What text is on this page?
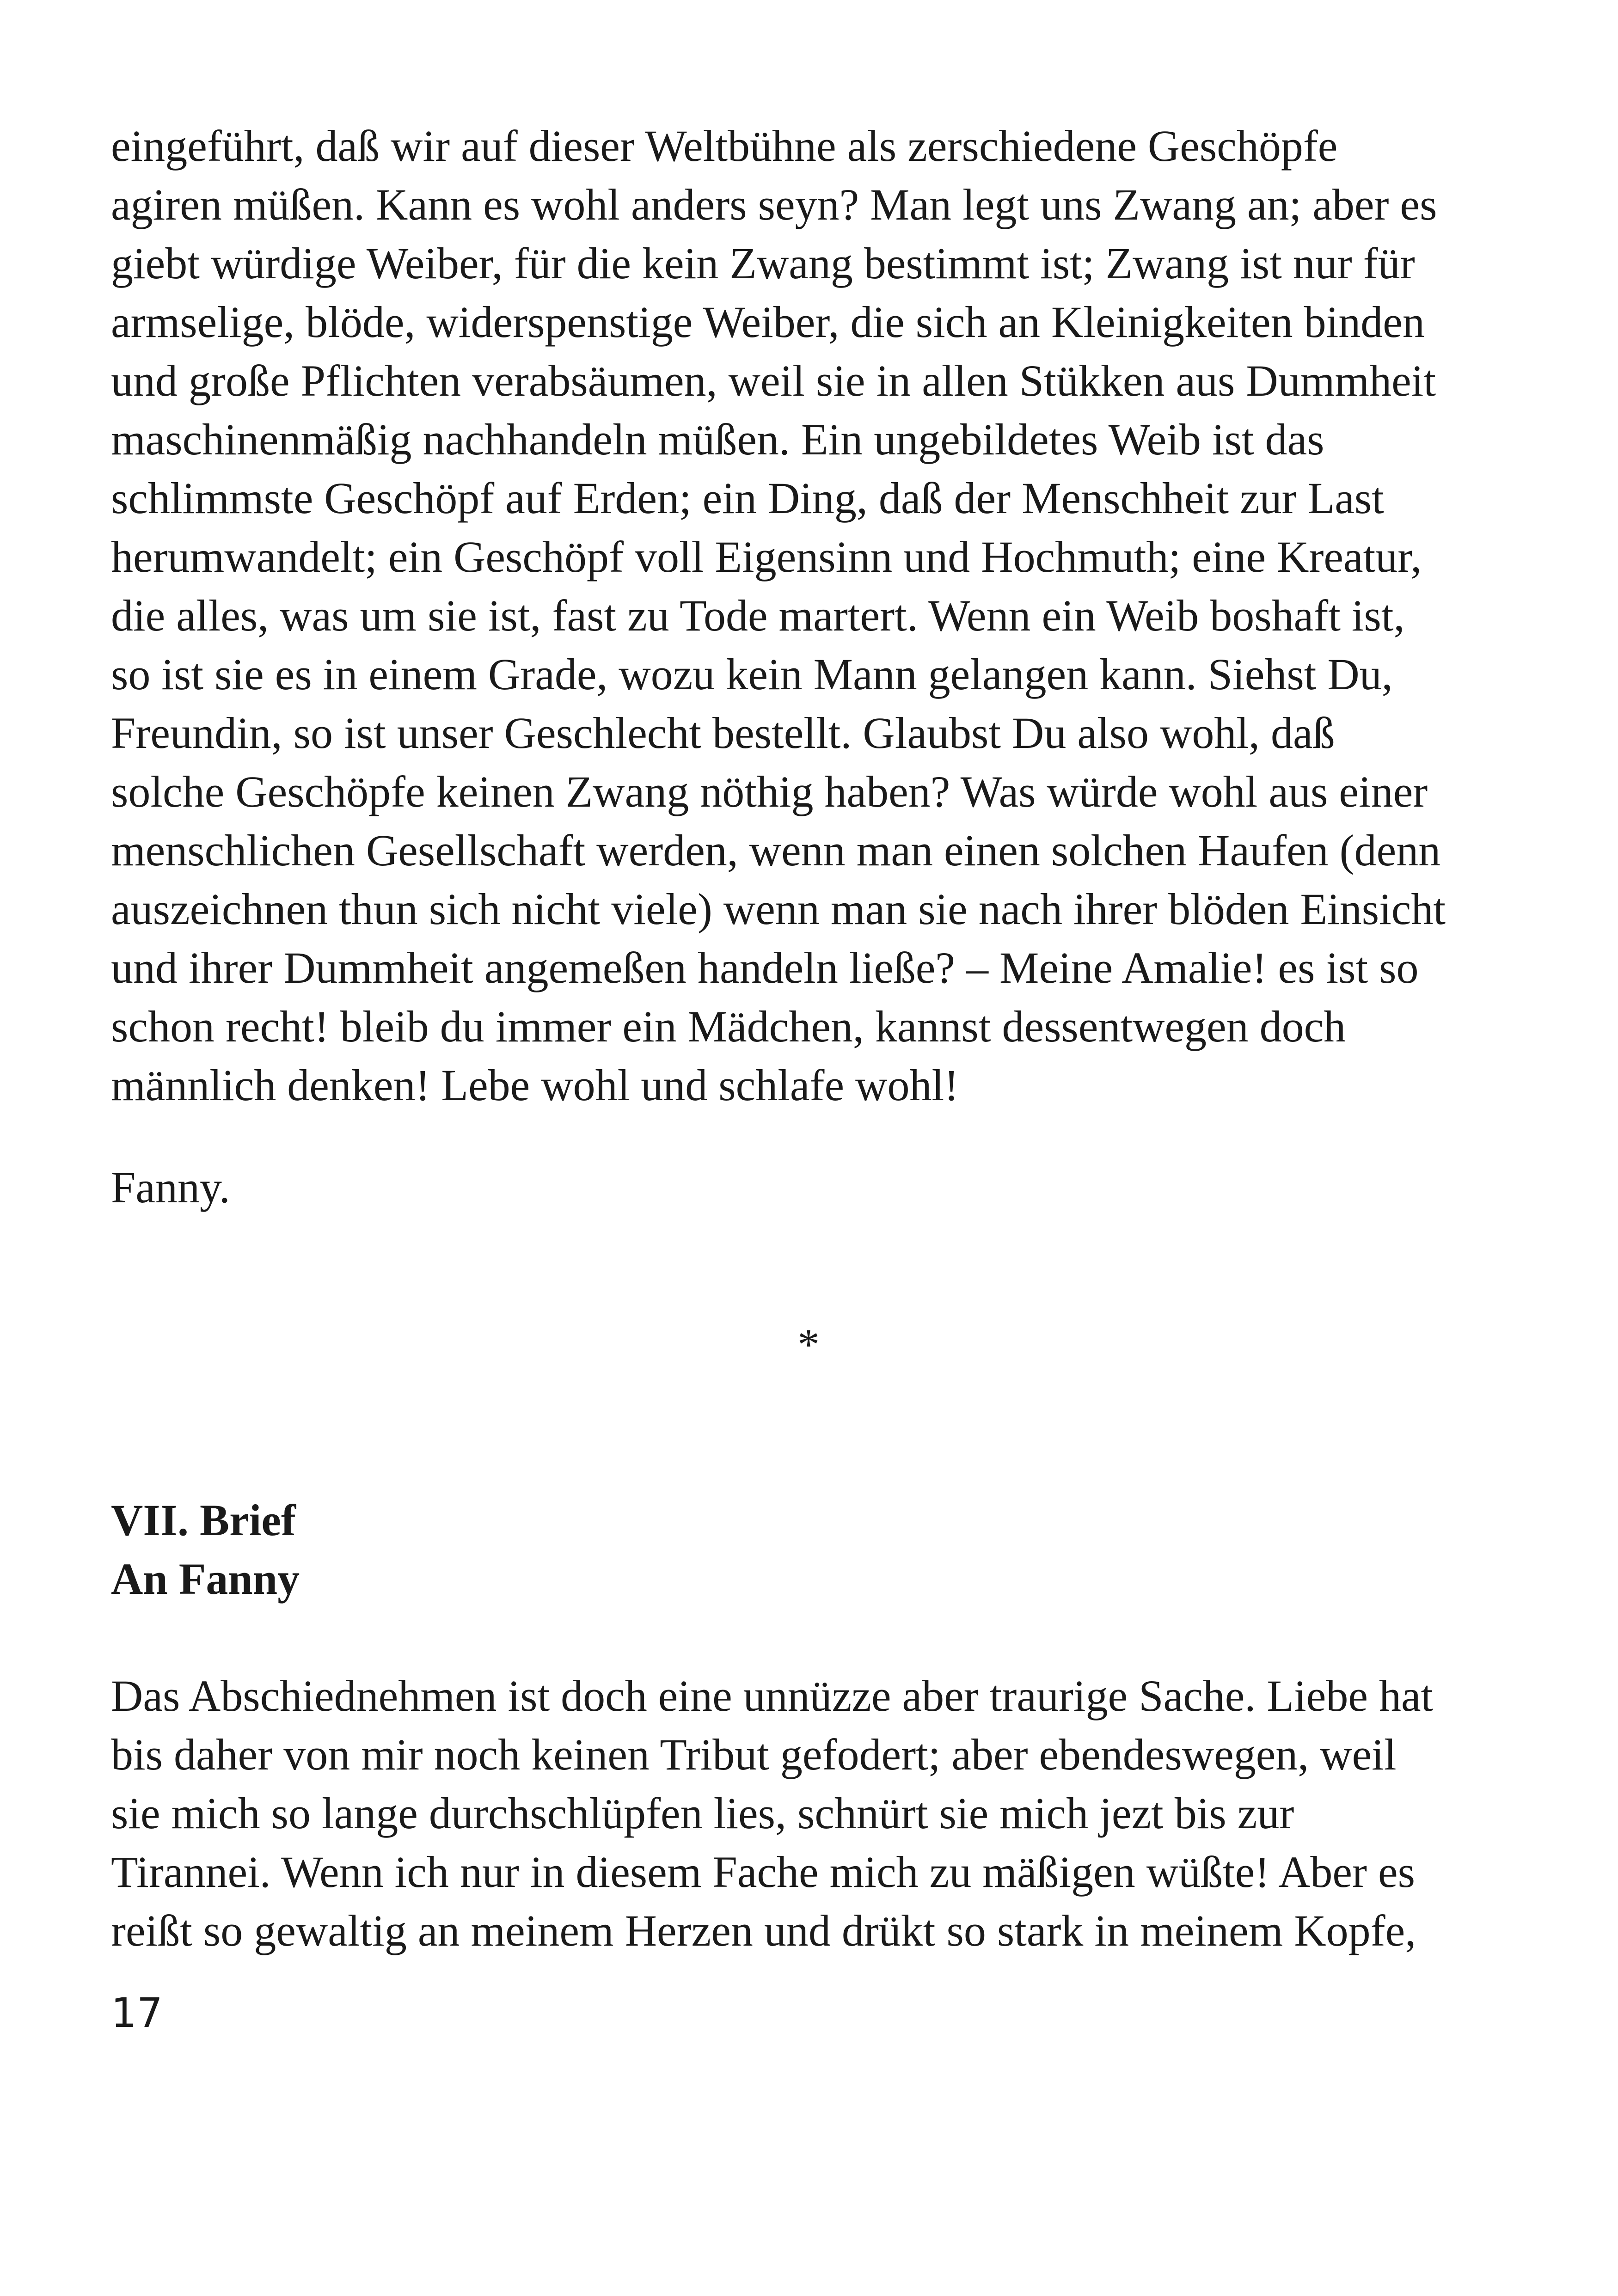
eingeführt, daß wir auf dieser Weltbühne als zerschiedene Geschöpfe
agiren müßen. Kann es wohl anders seyn? Man legt uns Zwang an; aber es
giebt würdige Weiber, für die kein Zwang bestimmt ist; Zwang ist nur für
armselige, blöde, widerspenstige Weiber, die sich an Kleinigkeiten binden
und große Pflichten verabsäumen, weil sie in allen Stükken aus Dummheit
maschinenmäßig nachhandeln müßen. Ein ungebildetes Weib ist das
schlimmste Geschöpf auf Erden; ein Ding, daß der Menschheit zur Last
herumwandelt; ein Geschöpf voll Eigensinn und Hochmuth; eine Kreatur,
die alles, was um sie ist, fast zu Tode martert. Wenn ein Weib boshaft ist,
so ist sie es in einem Grade, wozu kein Mann gelangen kann. Siehst Du,
Freundin, so ist unser Geschlecht bestellt. Glaubst Du also wohl, daß
solche Geschöpfe keinen Zwang nöthig haben? Was würde wohl aus einer
menschlichen Gesellschaft werden, wenn man einen solchen Haufen (denn
auszeichnen thun sich nicht viele) wenn man sie nach ihrer blöden Einsicht
und ihrer Dummheit angemeßen handeln ließe? – Meine Amalie! es ist so
schon recht! bleib du immer ein Mädchen, kannst dessentwegen doch
männlich denken! Lebe wohl und schlafe wohl!
Fanny.
*
VII. Brief
An Fanny
Das Abschiednehmen ist doch eine unnüzze aber traurige Sache. Liebe hat
bis daher von mir noch keinen Tribut gefodert; aber ebendeswegen, weil
sie mich so lange durchschlüpfen lies, schnürt sie mich jezt bis zur
Tirannei. Wenn ich nur in diesem Fache mich zu mäßigen wüßte! Aber es
reißt so gewaltig an meinem Herzen und drükt so stark in meinem Kopfe,
17
